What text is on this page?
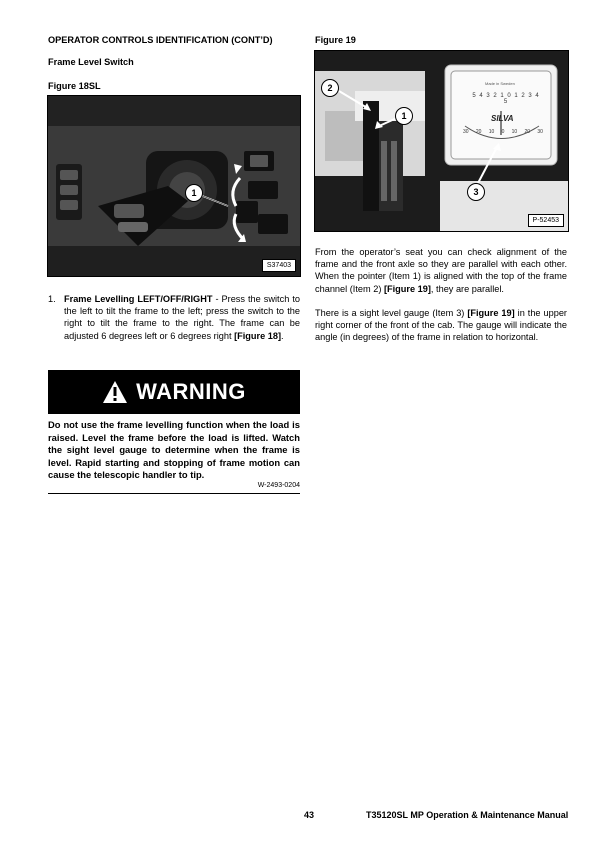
OPERATOR CONTROLS IDENTIFICATION (CONT’D)
Frame Level Switch
Figure 18SL
1
S37403
1. Frame Levelling LEFT/OFF/RIGHT - Press the switch to the left to tilt the frame to the left; press the switch to the right to tilt the frame to the right. The frame can be adjusted 6 degrees left or 6 degrees right [Figure 18].
WARNING
Do not use the frame levelling function when the load is raised. Level the frame before the load is lifted. Watch the sight level gauge to determine when the frame is level. Rapid starting and stopping of frame motion can cause the telescopic handler to tip.
W-2493-0204
Figure 19
5 4 3 2 1 0 1 2 3 4 5
Made in Sweden
SILVA
30 20 10 0 10 20 30
2
1
3
P-52453
From the operator’s seat you can check alignment of the frame and the front axle so they are parallel with each other. When the pointer (Item 1) is aligned with the top of the frame channel (Item 2) [Figure 19], they are parallel.
There is a sight level gauge (Item 3) [Figure 19] in the upper right corner of the front of the cab. The gauge will indicate the angle (in degrees) of the frame in relation to horizontal.
43	T35120SL MP Operation & Maintenance Manual
